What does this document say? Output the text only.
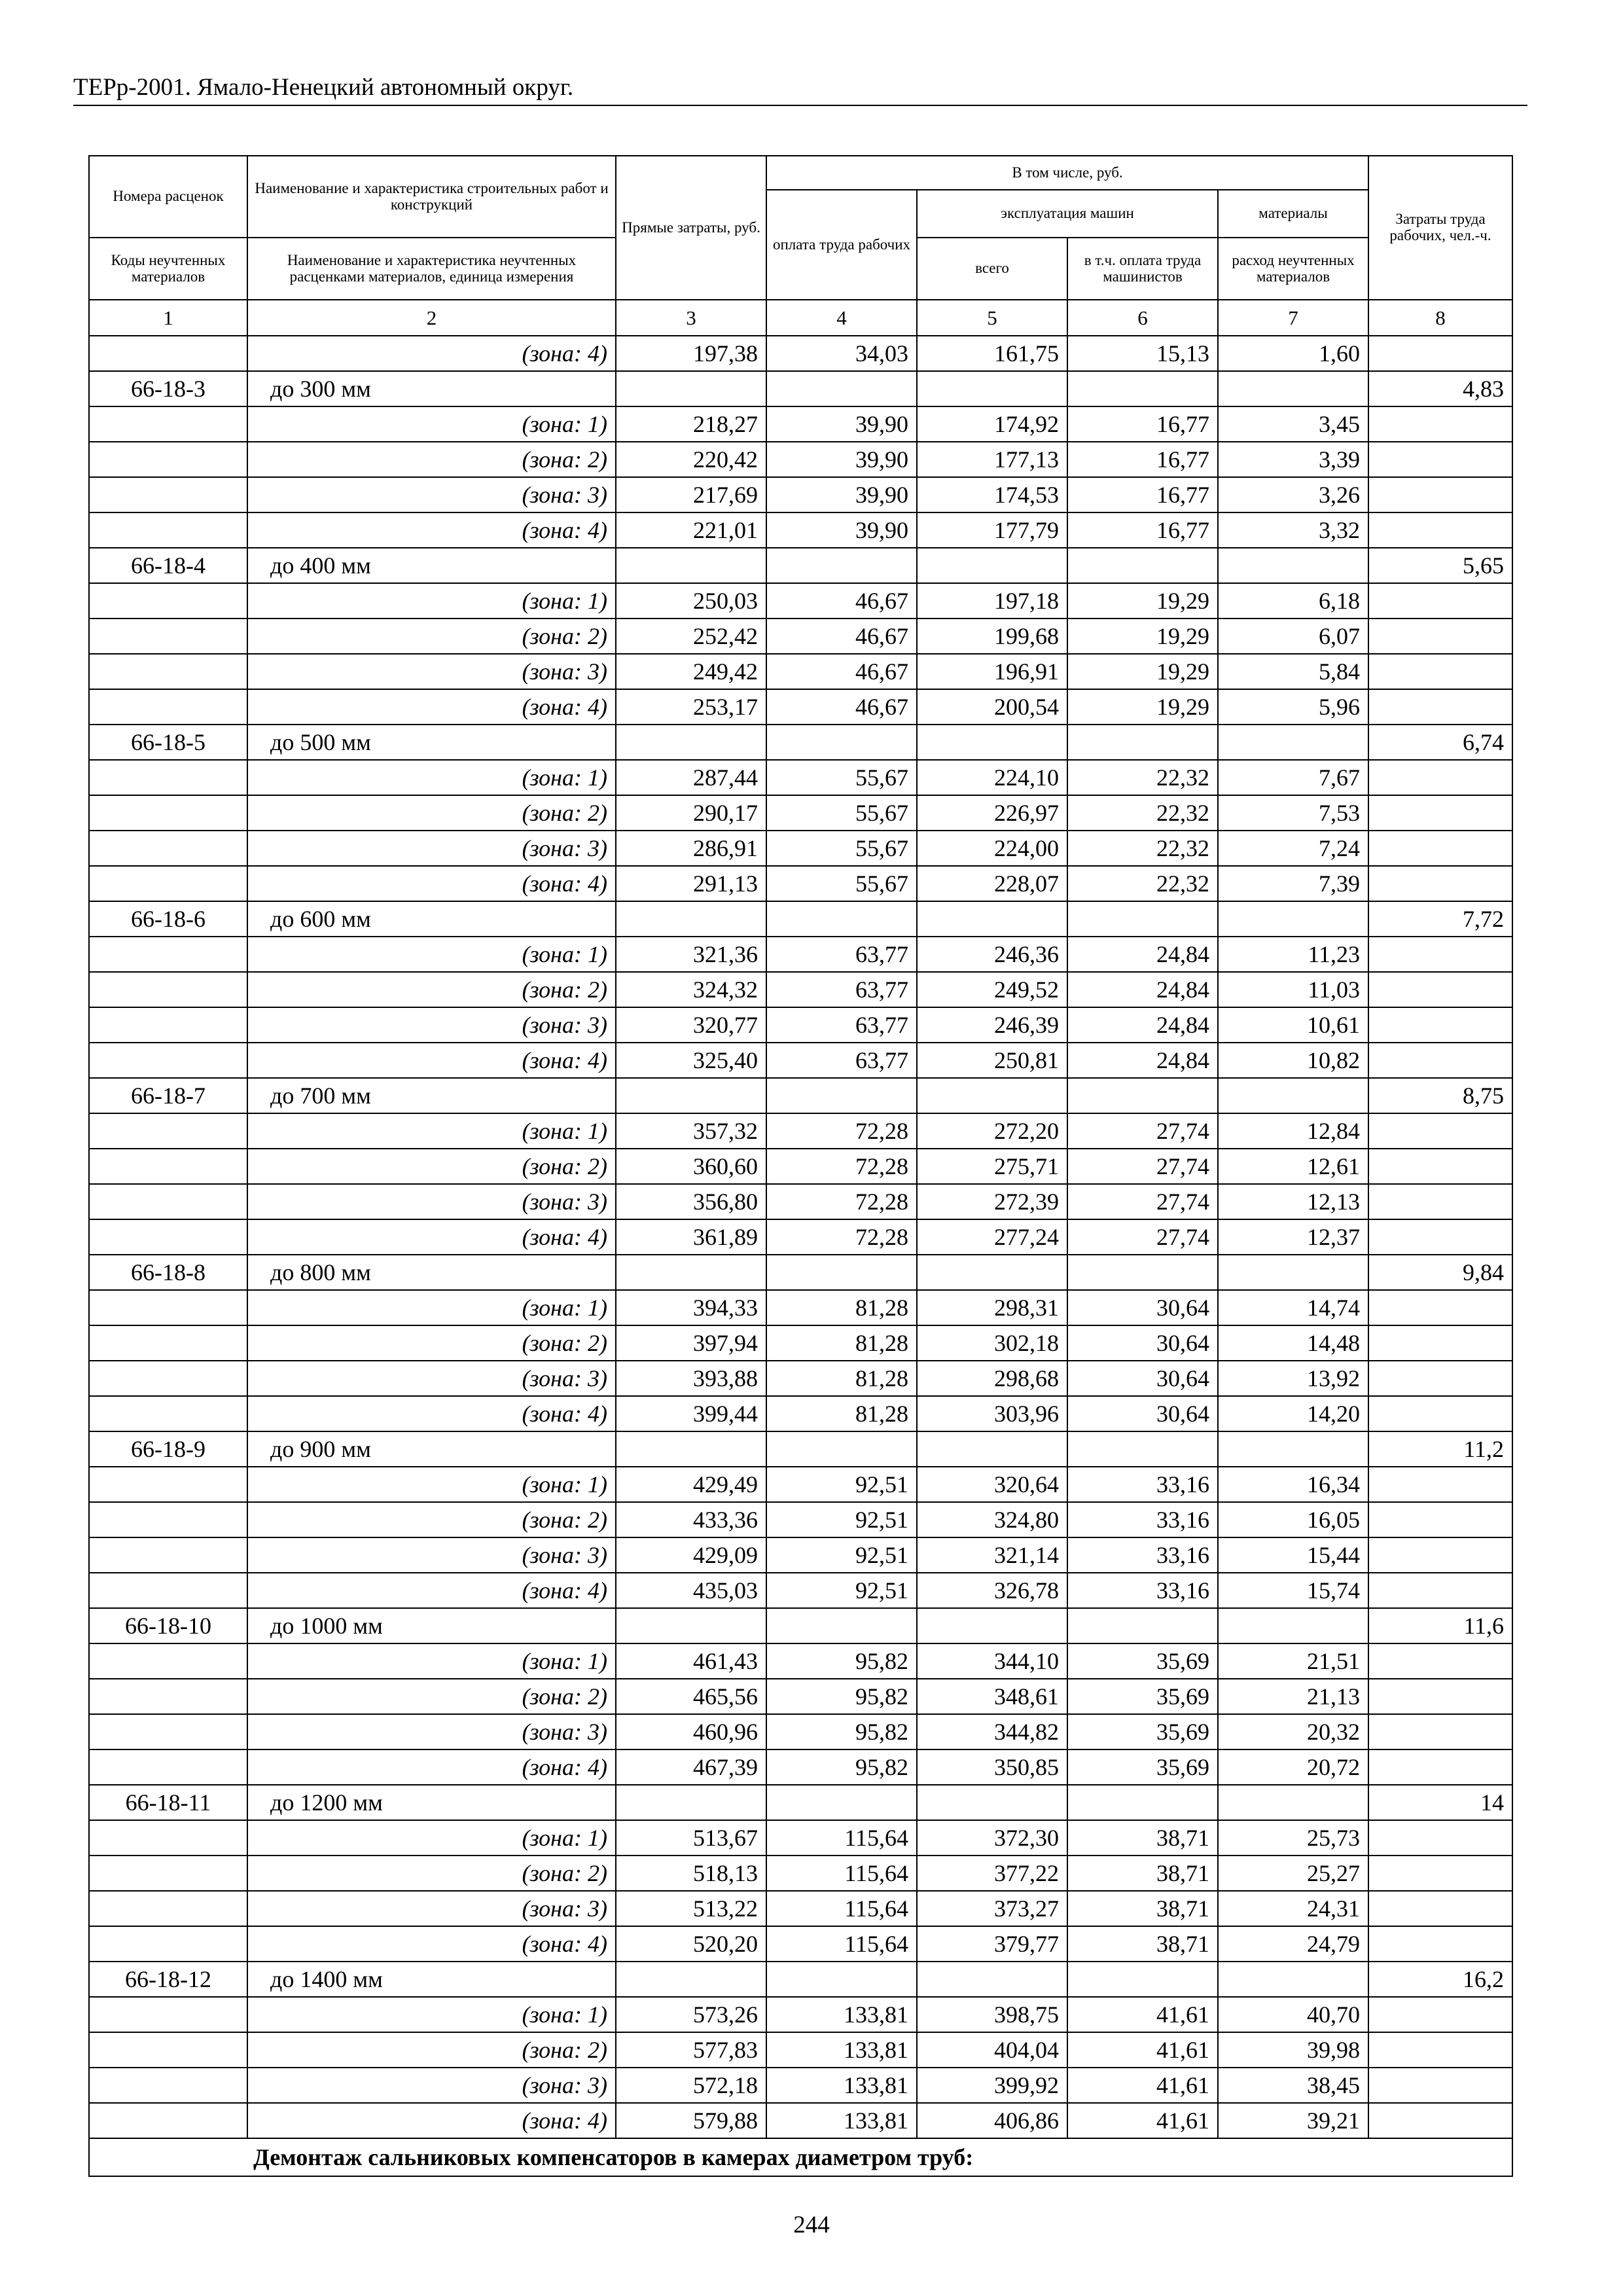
ТЕРр-2001. Ямало-Ненецкий автономный округ.
Номера расценок	Наименование и характеристика строительных работ и конструкций	Прямые затраты, руб.	В том числе, руб.				Затраты труда рабочих, чел.-ч.
			оплата труда рабочих	эксплуатация машин		материалы	
Коды неучтенных материалов	Наименование и характеристика неучтенных расценками материалов, единица измерения			всего	в т.ч. оплата труда машинистов	расход неучтенных материалов	
1	2	3	4	5	6	7	8
	(зона: 4)	197,38	34,03	161,75	15,13	1,60	
66-18-3	до 300 мм						4,83
	(зона: 1)	218,27	39,90	174,92	16,77	3,45	
	(зона: 2)	220,42	39,90	177,13	16,77	3,39	
	(зона: 3)	217,69	39,90	174,53	16,77	3,26	
	(зона: 4)	221,01	39,90	177,79	16,77	3,32	
66-18-4	до 400 мм						5,65
	(зона: 1)	250,03	46,67	197,18	19,29	6,18	
	(зона: 2)	252,42	46,67	199,68	19,29	6,07	
	(зона: 3)	249,42	46,67	196,91	19,29	5,84	
	(зона: 4)	253,17	46,67	200,54	19,29	5,96	
66-18-5	до 500 мм						6,74
	(зона: 1)	287,44	55,67	224,10	22,32	7,67	
	(зона: 2)	290,17	55,67	226,97	22,32	7,53	
	(зона: 3)	286,91	55,67	224,00	22,32	7,24	
	(зона: 4)	291,13	55,67	228,07	22,32	7,39	
66-18-6	до 600 мм						7,72
	(зона: 1)	321,36	63,77	246,36	24,84	11,23	
	(зона: 2)	324,32	63,77	249,52	24,84	11,03	
	(зона: 3)	320,77	63,77	246,39	24,84	10,61	
	(зона: 4)	325,40	63,77	250,81	24,84	10,82	
66-18-7	до 700 мм						8,75
	(зона: 1)	357,32	72,28	272,20	27,74	12,84	
	(зона: 2)	360,60	72,28	275,71	27,74	12,61	
	(зона: 3)	356,80	72,28	272,39	27,74	12,13	
	(зона: 4)	361,89	72,28	277,24	27,74	12,37	
66-18-8	до 800 мм						9,84
	(зона: 1)	394,33	81,28	298,31	30,64	14,74	
	(зона: 2)	397,94	81,28	302,18	30,64	14,48	
	(зона: 3)	393,88	81,28	298,68	30,64	13,92	
	(зона: 4)	399,44	81,28	303,96	30,64	14,20	
66-18-9	до 900 мм						11,2
	(зона: 1)	429,49	92,51	320,64	33,16	16,34	
	(зона: 2)	433,36	92,51	324,80	33,16	16,05	
	(зона: 3)	429,09	92,51	321,14	33,16	15,44	
	(зона: 4)	435,03	92,51	326,78	33,16	15,74	
66-18-10	до 1000 мм						11,6
	(зона: 1)	461,43	95,82	344,10	35,69	21,51	
	(зона: 2)	465,56	95,82	348,61	35,69	21,13	
	(зона: 3)	460,96	95,82	344,82	35,69	20,32	
	(зона: 4)	467,39	95,82	350,85	35,69	20,72	
66-18-11	до 1200 мм						14
	(зона: 1)	513,67	115,64	372,30	38,71	25,73	
	(зона: 2)	518,13	115,64	377,22	38,71	25,27	
	(зона: 3)	513,22	115,64	373,27	38,71	24,31	
	(зона: 4)	520,20	115,64	379,77	38,71	24,79	
66-18-12	до 1400 мм						16,2
	(зона: 1)	573,26	133,81	398,75	41,61	40,70	
	(зона: 2)	577,83	133,81	404,04	41,61	39,98	
	(зона: 3)	572,18	133,81	399,92	41,61	38,45	
	(зона: 4)	579,88	133,81	406,86	41,61	39,21	
Демонтаж сальниковых компенсаторов в камерах диаметром труб:							
244
